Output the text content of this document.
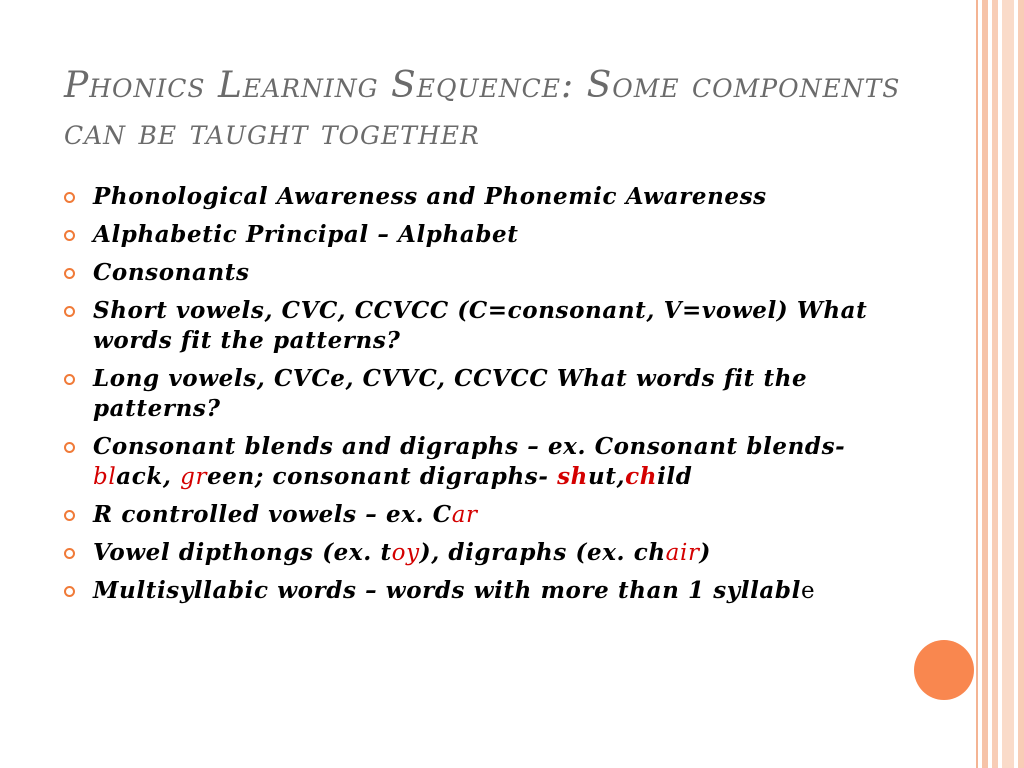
Phonics Learning Sequence: Some components can be taught together
Phonological Awareness and Phonemic Awareness
Alphabetic Principal – Alphabet
Consonants
Short vowels, CVC, CCVCC (C=consonant, V=vowel) What words fit the patterns?
Long vowels, CVCe, CVVC, CCVCC What words fit the patterns?
Consonant blends and digraphs – ex. Consonant blends-black, green; consonant digraphs- shut,child
R controlled vowels – ex. Car
Vowel dipthongs (ex. toy), digraphs (ex. chair)
Multisyllabic words – words with more than 1 syllable
